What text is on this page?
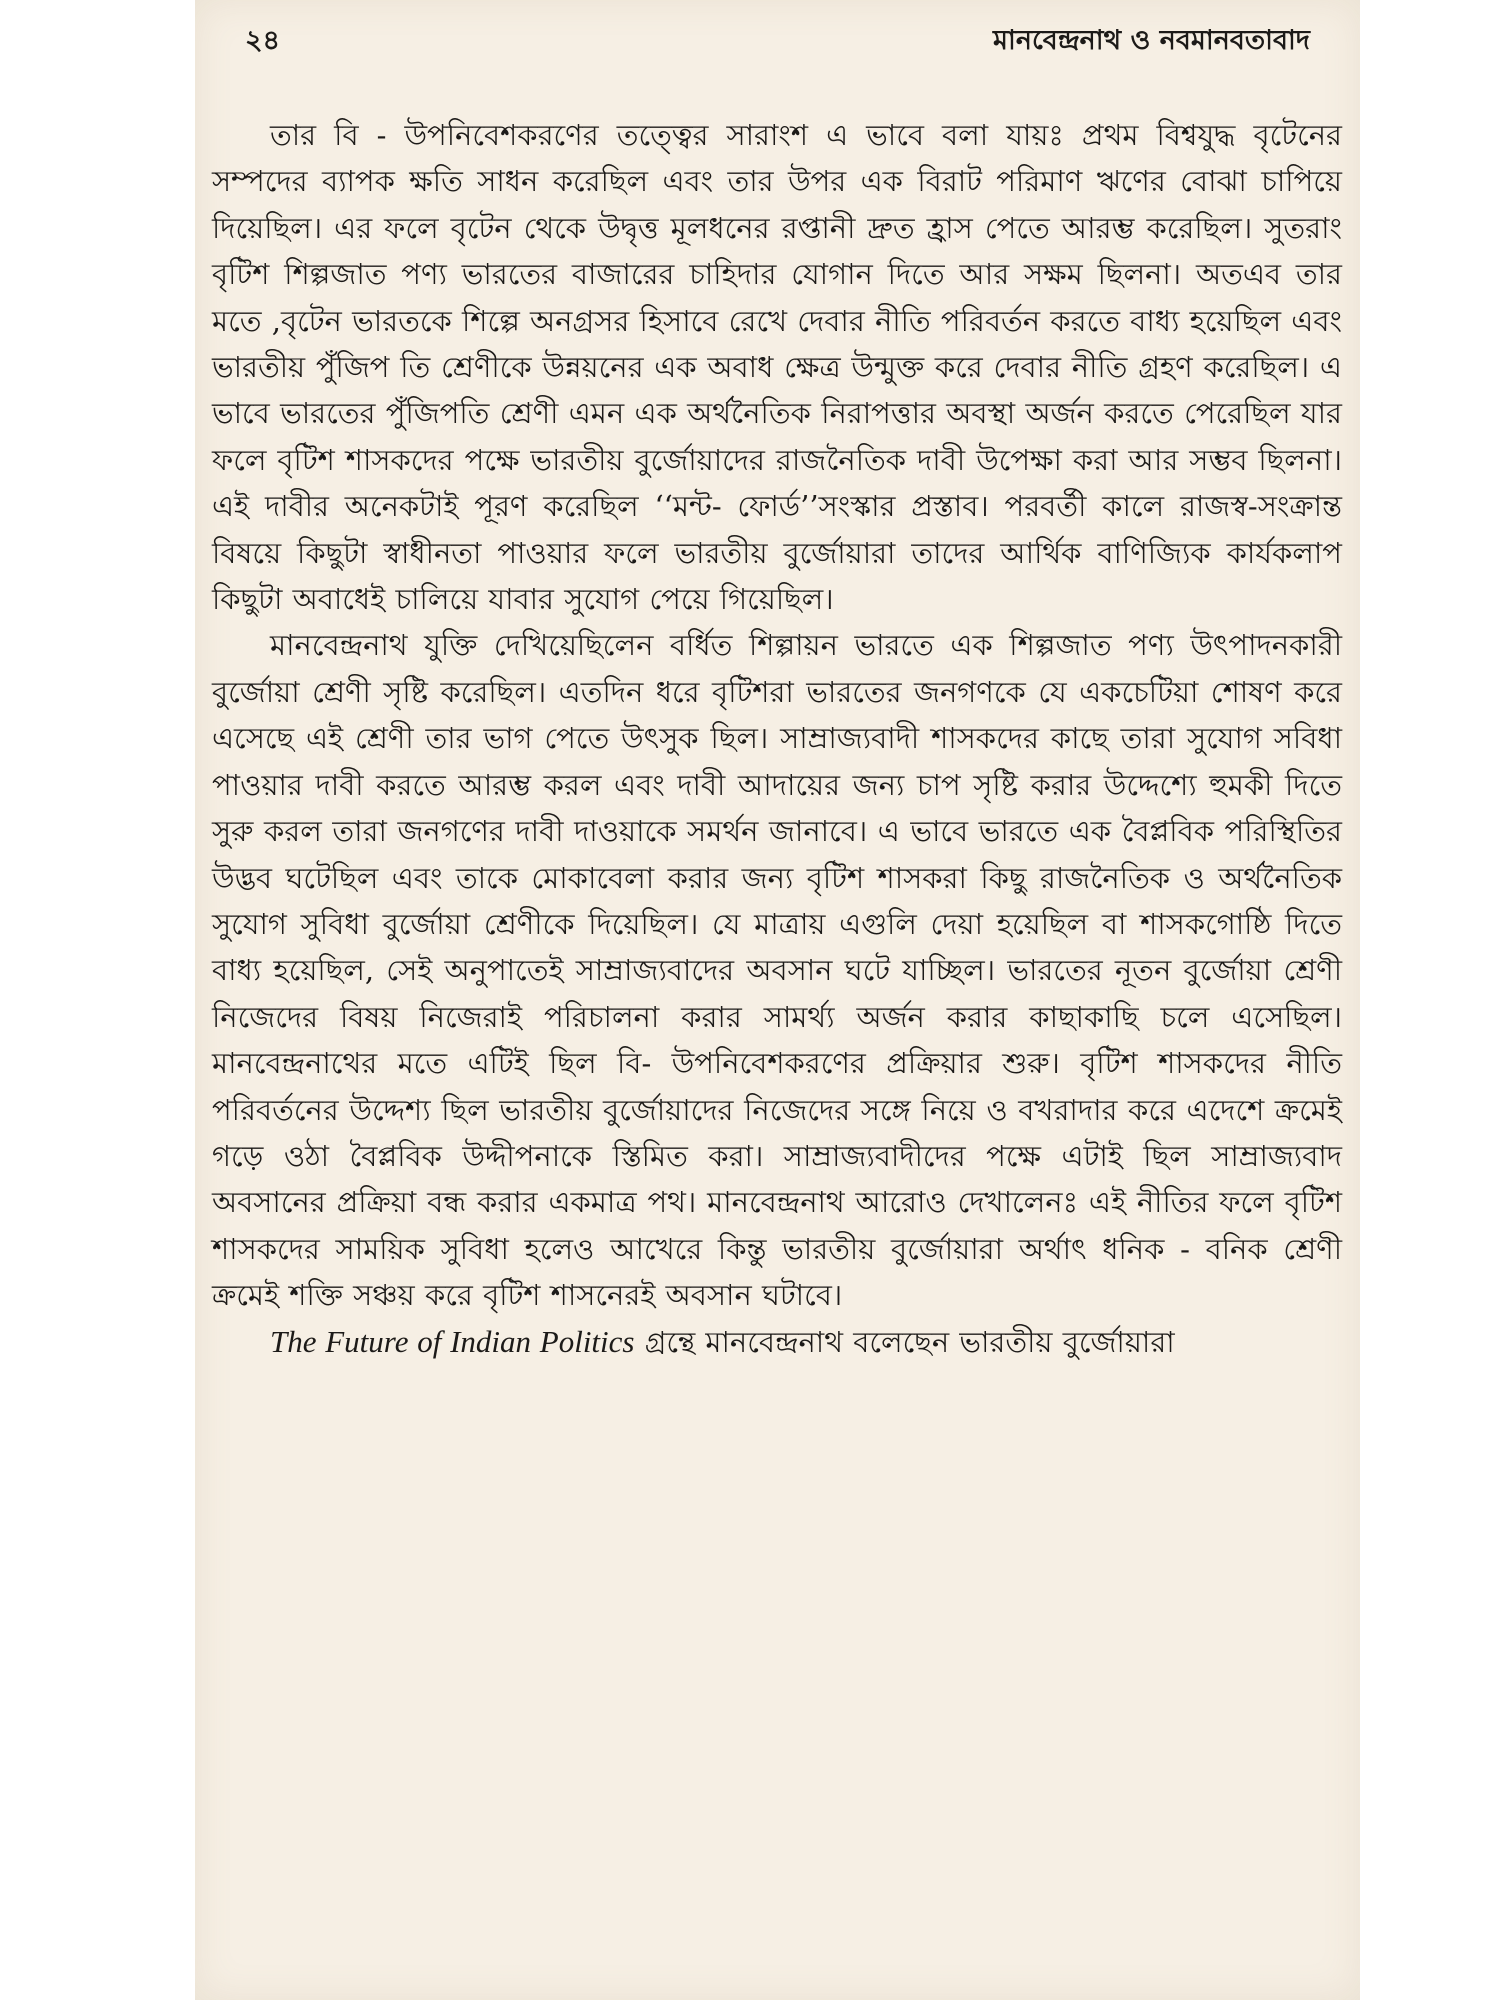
২৪	মানবেন্দ্রনাথ ও নবমানবতাবাদ

তার বি - উপনিবেশকরণের তত্ত্বের সারাংশ এ ভাবে বলা যায়ঃ প্রথম বিশ্বযুদ্ধ বৃটেনের সম্পদের ব্যাপক ক্ষতি সাধন করেছিল এবং তার উপর এক বিরাট পরিমাণ ঋণের বোঝা চাপিয়ে দিয়েছিল। এর ফলে বৃটেন থেকে উদ্বৃত্ত মূলধনের রপ্তানী দ্রুত হ্রাস পেতে আরম্ভ করেছিল। সুতরাং বৃটিশ শিল্পজাত পণ্য ভারতের বাজারের চাহিদার যোগান দিতে আর সক্ষম ছিলনা। অতএব তার মতে ,বৃটেন ভারতকে শিল্পে অনগ্রসর হিসাবে রেখে দেবার নীতি পরিবর্তন করতে বাধ্য হয়েছিল এবং ভারতীয় পুঁজিপ তি শ্রেণীকে উন্নয়নের এক অবাধ ক্ষেত্র উন্মুক্ত করে দেবার নীতি গ্রহণ করেছিল। এ ভাবে ভারতের পুঁজিপতি শ্রেণী এমন এক অর্থনৈতিক নিরাপত্তার অবস্থা অর্জন করতে পেরেছিল যার ফলে বৃটিশ শাসকদের পক্ষে ভারতীয় বুর্জোয়াদের রাজনৈতিক দাবী উপেক্ষা করা আর সম্ভব ছিলনা। এই দাবীর অনেকটাই পূরণ করেছিল ‘‘মন্ট- ফোর্ড’’সংস্কার প্রস্তাব। পরবর্তী কালে রাজস্ব-সংক্রান্ত বিষয়ে কিছুটা স্বাধীনতা পাওয়ার ফলে ভারতীয় বুর্জোয়ারা তাদের আর্থিক বাণিজ্যিক কার্যকলাপ কিছুটা অবাধেই চালিয়ে যাবার সুযোগ পেয়ে গিয়েছিল।

মানবেন্দ্রনাথ যুক্তি দেখিয়েছিলেন বর্ধিত শিল্পায়ন ভারতে এক শিল্পজাত পণ্য উৎপাদনকারী বুর্জোয়া শ্রেণী সৃষ্টি করেছিল। এতদিন ধরে বৃটিশরা ভারতের জনগণকে যে একচেটিয়া শোষণ করে এসেছে এই শ্রেণী তার ভাগ পেতে উৎসুক ছিল। সাম্রাজ্যবাদী শাসকদের কাছে তারা সুযোগ সবিধা পাওয়ার দাবী করতে আরম্ভ করল এবং দাবী আদায়ের জন্য চাপ সৃষ্টি করার উদ্দেশ্যে হুমকী দিতে সুরু করল তারা জনগণের দাবী দাওয়াকে সমর্থন জানাবে। এ ভাবে ভারতে এক বৈপ্লবিক পরিস্থিতির উদ্ভব ঘটেছিল এবং তাকে মোকাবেলা করার জন্য বৃটিশ শাসকরা কিছু রাজনৈতিক ও অর্থনৈতিক সুযোগ সুবিধা বুর্জোয়া শ্রেণীকে দিয়েছিল। যে মাত্রায় এগুলি দেয়া হয়েছিল বা শাসকগোষ্ঠি দিতে বাধ্য হয়েছিল, সেই অনুপাতেই সাম্রাজ্যবাদের অবসান ঘটে যাচ্ছিল। ভারতের নূতন বুর্জোয়া শ্রেণী নিজেদের বিষয় নিজেরাই পরিচালনা করার সামর্থ্য অর্জন করার কাছাকাছি চলে এসেছিল। মানবেন্দ্রনাথের মতে এটিই ছিল বি- উপনিবেশকরণের প্রক্রিয়ার শুরু। বৃটিশ শাসকদের নীতি পরিবর্তনের উদ্দেশ্য ছিল ভারতীয় বুর্জোয়াদের নিজেদের সঙ্গে নিয়ে ও বখরাদার করে এদেশে ক্রমেই গড়ে ওঠা বৈপ্লবিক উদ্দীপনাকে স্তিমিত করা। সাম্রাজ্যবাদীদের পক্ষে এটাই ছিল সাম্রাজ্যবাদ অবসানের প্রক্রিয়া বন্ধ করার একমাত্র পথ। মানবেন্দ্রনাথ আরোও দেখালেনঃ এই নীতির ফলে বৃটিশ শাসকদের সাময়িক সুবিধা হলেও আখেরে কিন্তু ভারতীয় বুর্জোয়ারা অর্থাৎ ধনিক - বনিক শ্রেণী ক্রমেই শক্তি সঞ্চয় করে বৃটিশ শাসনেরই অবসান ঘটাবে।

The Future of Indian Politics গ্রন্থে মানবেন্দ্রনাথ বলেছেন ভারতীয় বুর্জোয়ারা
